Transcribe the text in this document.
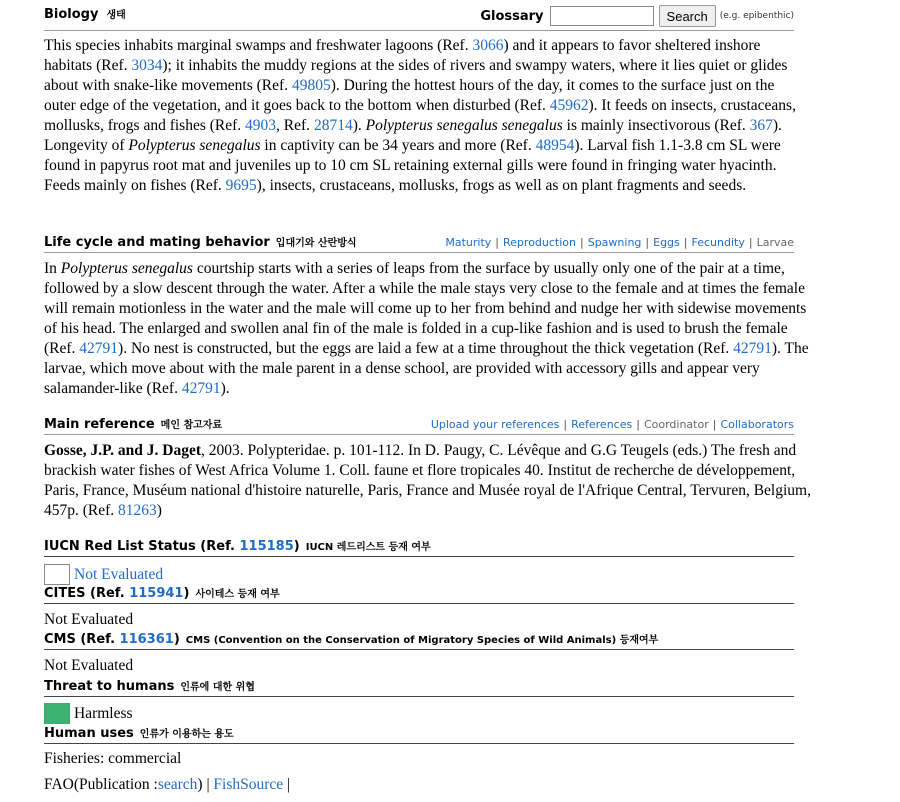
Biology 생태	Glossary	Search	(e.g. epibenthic)

This species inhabits marginal swamps and freshwater lagoons (Ref. 3066) and it appears to favor sheltered inshore habitats (Ref. 3034); it inhabits the muddy regions at the sides of rivers and swampy waters, where it lies quiet or glides about with snake-like movements (Ref. 49805). During the hottest hours of the day, it comes to the surface just on the outer edge of the vegetation, and it goes back to the bottom when disturbed (Ref. 45962). It feeds on insects, crustaceans, mollusks, frogs and fishes (Ref. 4903, Ref. 28714). Polypterus senegalus senegalus is mainly insectivorous (Ref. 367). Longevity of Polypterus senegalus in captivity can be 34 years and more (Ref. 48954). Larval fish 1.1-3.8 cm SL were found in papyrus root mat and juveniles up to 10 cm SL retaining external gills were found in fringing water hyacinth. Feeds mainly on fishes (Ref. 9695), insects, crustaceans, mollusks, frogs as well as on plant fragments and seeds.

Life cycle and mating behavior 입대기와 산란방식	Maturity | Reproduction | Spawning | Eggs | Fecundity | Larvae

In Polypterus senegalus courtship starts with a series of leaps from the surface by usually only one of the pair at a time, followed by a slow descent through the water. After a while the male stays very close to the female and at times the female will remain motionless in the water and the male will come up to her from behind and nudge her with sidewise movements of his head. The enlarged and swollen anal fin of the male is folded in a cup-like fashion and is used to brush the female (Ref. 42791). No nest is constructed, but the eggs are laid a few at a time throughout the thick vegetation (Ref. 42791). The larvae, which move about with the male parent in a dense school, are provided with accessory gills and appear very salamander-like (Ref. 42791).

Main reference 메인 참고자료	Upload your references | References | Coordinator | Collaborators

Gosse, J.P. and J. Daget, 2003. Polypteridae. p. 101-112. In D. Paugy, C. Lévêque and G.G Teugels (eds.) The fresh and brackish water fishes of West Africa Volume 1. Coll. faune et flore tropicales 40. Institut de recherche de développement, Paris, France, Muséum national d'histoire naturelle, Paris, France and Musée royal de l'Afrique Central, Tervuren, Belgium, 457p. (Ref. 81263)

IUCN Red List Status (Ref. 115185) IUCN 레드리스트 등재 여부
Not Evaluated
CITES (Ref. 115941) 사이테스 등재 여부
Not Evaluated
CMS (Ref. 116361) CMS (Convention on the Conservation of Migratory Species of Wild Animals) 등재여부
Not Evaluated
Threat to humans 인류에 대한 위협
Harmless
Human uses 인류가 이용하는 용도
Fisheries: commercial
FAO(Publication : search ) | FishSource |
